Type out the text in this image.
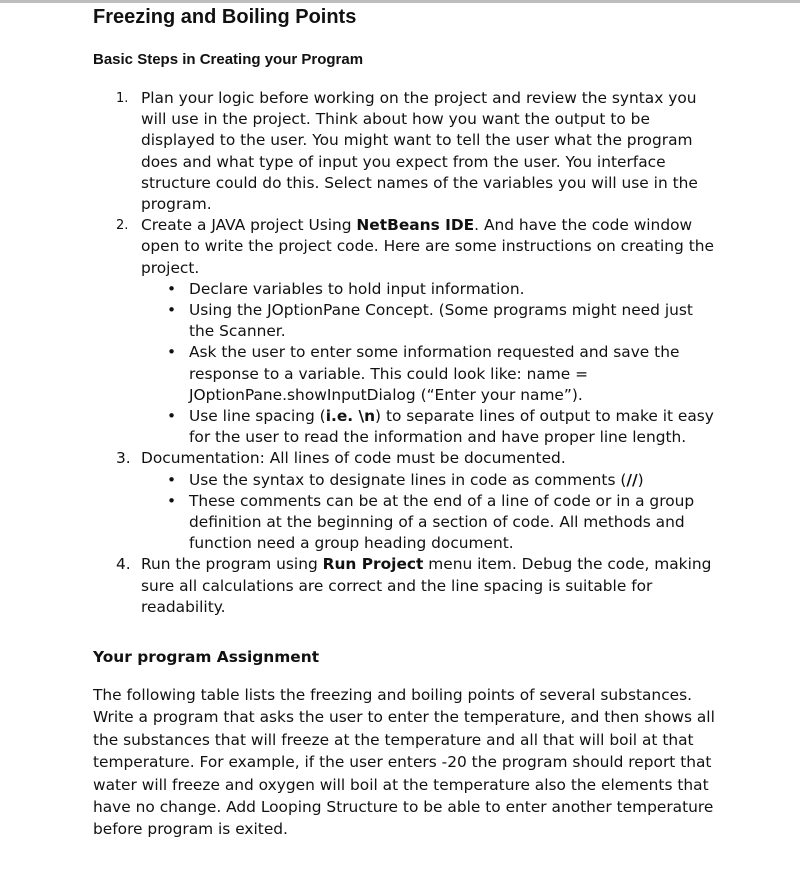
Freezing and Boiling Points
Basic Steps in Creating your Program

1. Plan your logic before working on the project and review the syntax you will use in the project. Think about how you want the output to be displayed to the user. You might want to tell the user what the program does and what type of input you expect from the user. You interface structure could do this. Select names of the variables you will use in the program.

2. Create a JAVA project Using NetBeans IDE. And have the code window open to write the project code. Here are some instructions on creating the project.

• Declare variables to hold input information.

• Using the JOptionPane Concept. (Some programs might need just the Scanner.

• Ask the user to enter some information requested and save the response to a variable. This could look like: name = JOptionPane.showInputDialog (“Enter your name”).

• Use line spacing (i.e. \n) to separate lines of output to make it easy for the user to read the information and have proper line length.

3. Documentation: All lines of code must be documented.

• Use the syntax to designate lines in code as comments (//)

• These comments can be at the end of a line of code or in a group definition at the beginning of a section of code. All methods and function need a group heading document.

4. Run the program using Run Project menu item. Debug the code, making sure all calculations are correct and the line spacing is suitable for readability.

Your program Assignment

The following table lists the freezing and boiling points of several substances. Write a program that asks the user to enter the temperature, and then shows all the substances that will freeze at the temperature and all that will boil at that temperature. For example, if the user enters -20 the program should report that water will freeze and oxygen will boil at the temperature also the elements that have no change. Add Looping Structure to be able to enter another temperature before program is exited.
